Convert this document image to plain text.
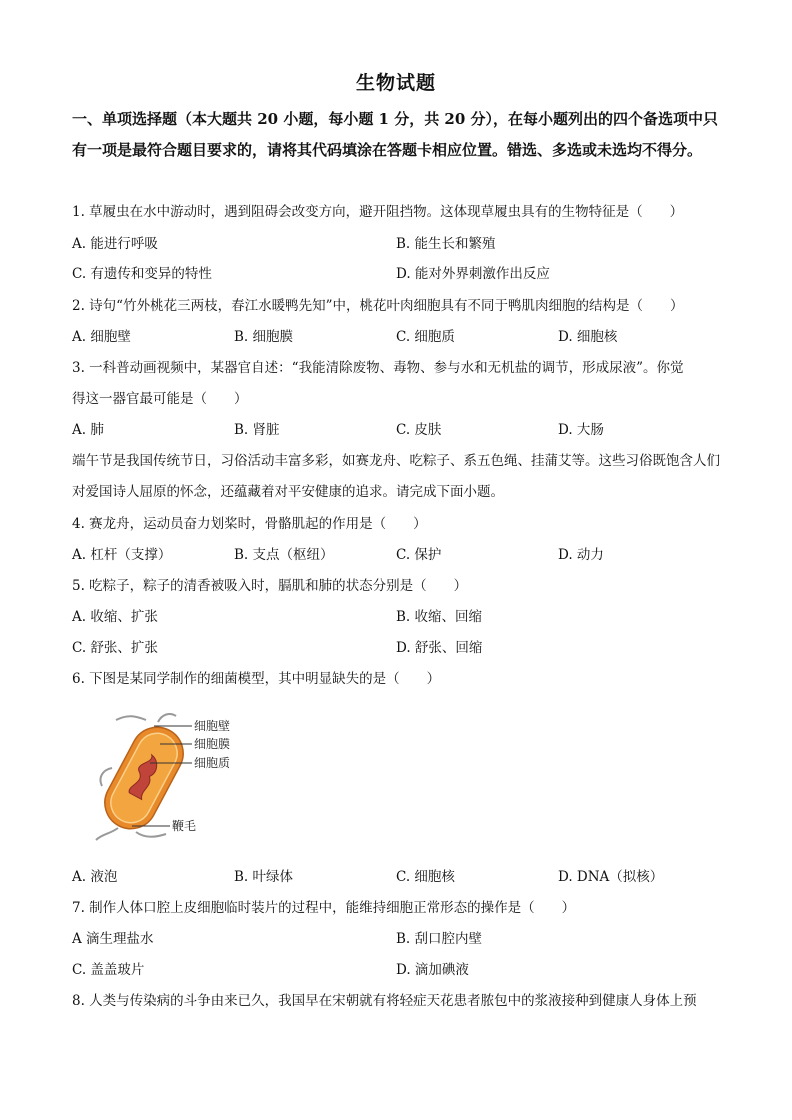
生物试题
一、单项选择题（本大题共 20 小题，每小题 1 分，共 20 分），在每小题列出的四个备选项中只有一项是最符合题目要求的，请将其代码填涂在答题卡相应位置。错选、多选或未选均不得分。
1. 草履虫在水中游动时，遇到阻碍会改变方向，避开阻挡物。这体现草履虫具有的生物特征是（　　）
A. 能进行呼吸	B. 能生长和繁殖
C. 有遗传和变异的特性	D. 能对外界刺激作出反应
2. 诗句“竹外桃花三两枝，春江水暖鸭先知”中，桃花叶肉细胞具有不同于鸭肌肉细胞的结构是（　　）
A. 细胞壁	B. 细胞膜	C. 细胞质	D. 细胞核
3. 一科普动画视频中，某器官自述：“我能清除废物、毒物、参与水和无机盐的调节，形成尿液”。你觉
得这一器官最可能是（　　）
A. 肺	B. 肾脏	C. 皮肤	D. 大肠
端午节是我国传统节日，习俗活动丰富多彩，如赛龙舟、吃粽子、系五色绳、挂蒲艾等。这些习俗既饱含人们对爱国诗人屈原的怀念，还蕴藏着对平安健康的追求。请完成下面小题。
4. 赛龙舟，运动员奋力划桨时，骨骼肌起的作用是（　　）
A. 杠杆（支撑）	B. 支点（枢纽）	C. 保护	D. 动力
5. 吃粽子，粽子的清香被吸入时，膈肌和肺的状态分别是（　　）
A. 收缩、扩张	B. 收缩、回缩
C. 舒张、扩张	D. 舒张、回缩
6. 下图是某同学制作的细菌模型，其中明显缺失的是（　　）
细胞壁
细胞膜
细胞质
鞭毛
A. 液泡	B. 叶绿体	C. 细胞核	D. DNA（拟核）
7. 制作人体口腔上皮细胞临时装片的过程中，能维持细胞正常形态的操作是（　　）
A 滴生理盐水	B. 刮口腔内壁
C. 盖盖玻片	D. 滴加碘液
8. 人类与传染病的斗争由来已久，我国早在宋朝就有将轻症天花患者脓包中的浆液接种到健康人身体上预
